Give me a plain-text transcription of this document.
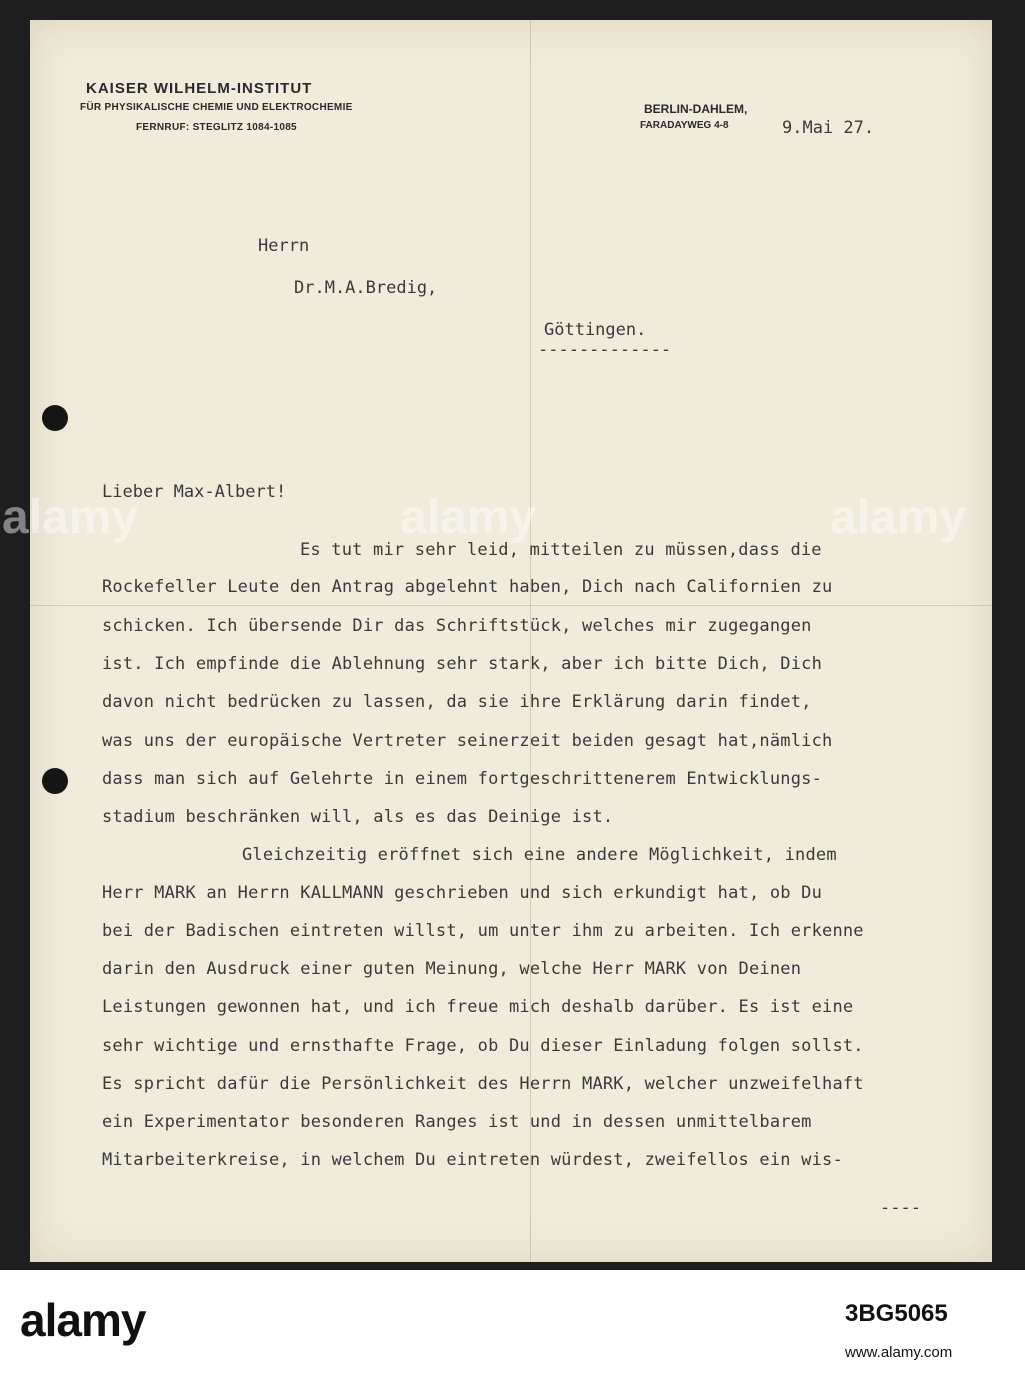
KAISER WILHELM-INSTITUT
FÜR PHYSIKALISCHE CHEMIE UND ELEKTROCHEMIE
FERNRUF: STEGLITZ 1084-1085
BERLIN-DAHLEM,
FARADAYWEG 4-8	9.Mai 27.
Herrn
Dr.M.A.Bredig,
Göttingen.
-------------
Lieber Max-Albert!
Es tut mir sehr leid, mitteilen zu müssen,dass die
Rockefeller Leute den Antrag abgelehnt haben, Dich nach Californien zu
schicken. Ich übersende Dir das Schriftstück, welches mir zugegangen
ist. Ich empfinde die Ablehnung sehr stark, aber ich bitte Dich, Dich
davon nicht bedrücken zu lassen, da sie ihre Erklärung darin findet,
was uns der europäische Vertreter seinerzeit beiden gesagt hat,nämlich
dass man sich auf Gelehrte in einem fortgeschrittenerem Entwicklungs-
stadium beschränken will, als es das Deinige ist.
Gleichzeitig eröffnet sich eine andere Möglichkeit, indem
Herr MARK an Herrn KALLMANN geschrieben und sich erkundigt hat, ob Du
bei der Badischen eintreten willst, um unter ihm zu arbeiten. Ich erkenne
darin den Ausdruck einer guten Meinung, welche Herr MARK von Deinen
Leistungen gewonnen hat, und ich freue mich deshalb darüber. Es ist eine
sehr wichtige und ernsthafte Frage, ob Du dieser Einladung folgen sollst.
Es spricht dafür die Persönlichkeit des Herrn MARK, welcher unzweifelhaft
ein Experimentator besonderen Ranges ist und in dessen unmittelbarem
Mitarbeiterkreise, in welchem Du eintreten würdest, zweifellos ein wis-
----
alamy	alamy	alamy
alamy	3BG5065
www.alamy.com
